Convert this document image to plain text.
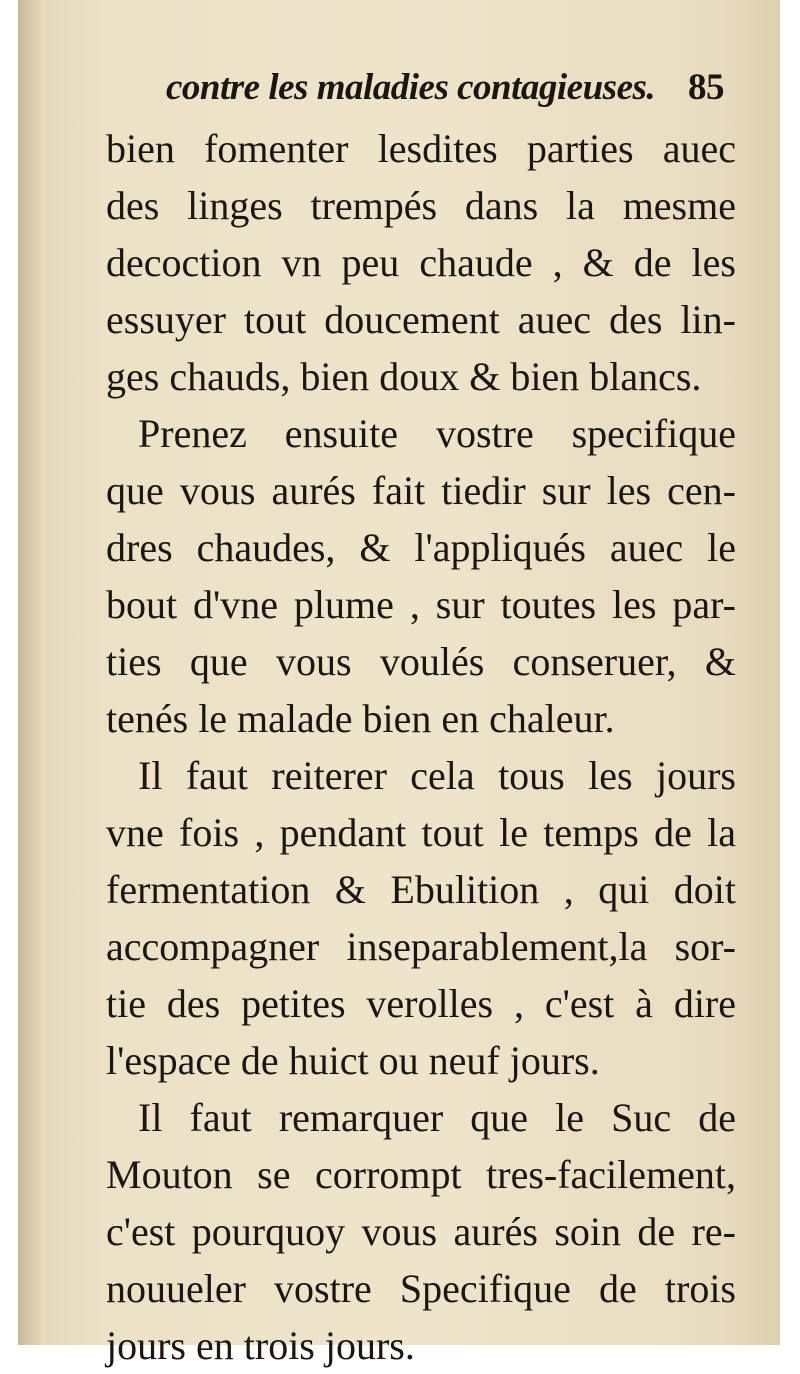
contre les maladies contagieuses. 85
bien fomenter lesdites parties auec
des linges trempés dans la mesme
decoction vn peu chaude , & de les
essuyer tout doucement auec des lin-
ges chauds, bien doux & bien blancs.
Prenez ensuite vostre specifique
que vous aurés fait tiedir sur les cen-
dres chaudes, & l'appliqués auec le
bout d'vne plume , sur toutes les par-
ties que vous voulés conseruer, &
tenés le malade bien en chaleur.
Il faut reiterer cela tous les jours
vne fois , pendant tout le temps de la
fermentation & Ebulition , qui doit
accompagner inseparablement,la sor-
tie des petites verolles , c'est à dire
l'espace de huict ou neuf jours.
Il faut remarquer que le Suc de
Mouton se corrompt tres-facilement,
c'est pourquoy vous aurés soin de re-
nouueler vostre Specifique de trois
jours en trois jours.
